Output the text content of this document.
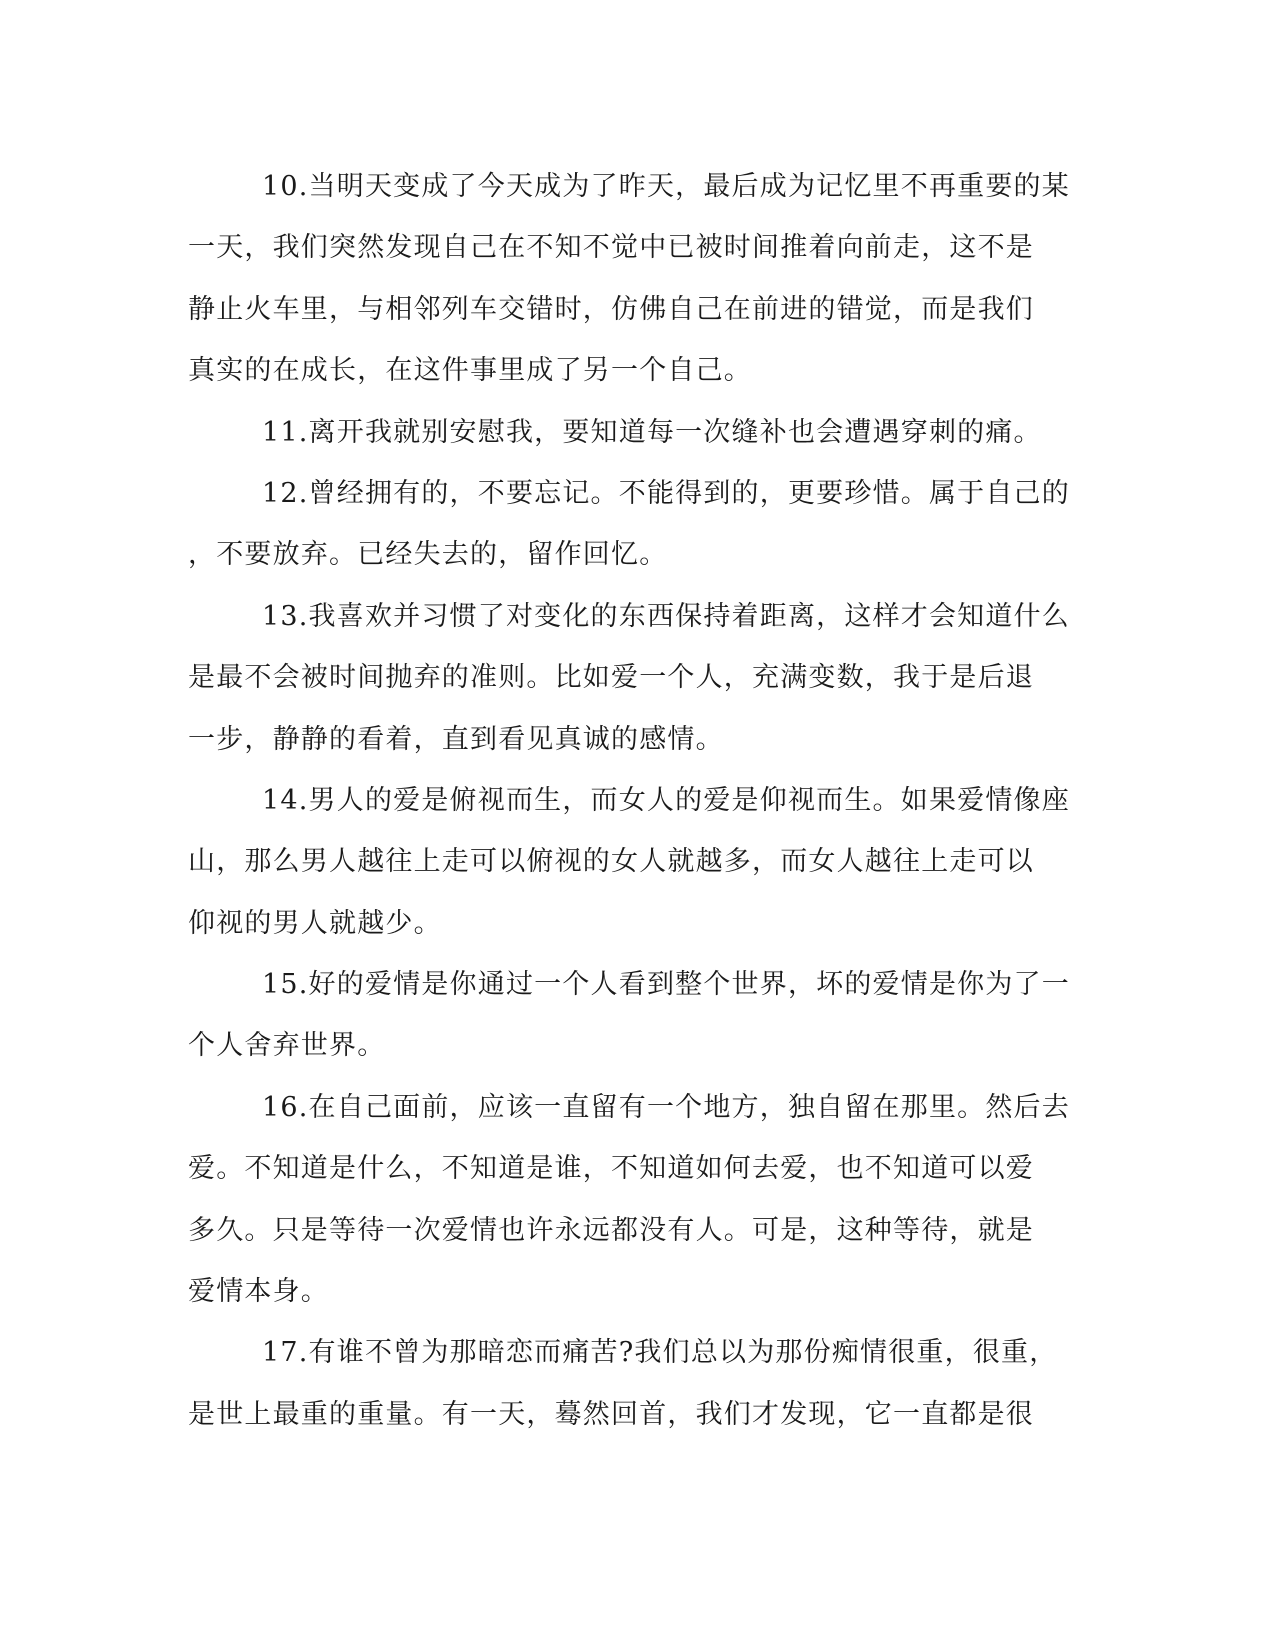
10.当明天变成了今天成为了昨天，最后成为记忆里不再重要的某
一天，我们突然发现自己在不知不觉中已被时间推着向前走，这不是
静止火车里，与相邻列车交错时，仿佛自己在前进的错觉，而是我们
真实的在成长，在这件事里成了另一个自己。
11.离开我就别安慰我，要知道每一次缝补也会遭遇穿刺的痛。
12.曾经拥有的，不要忘记。不能得到的，更要珍惜。属于自己的
，不要放弃。已经失去的，留作回忆。
13.我喜欢并习惯了对变化的东西保持着距离，这样才会知道什么
是最不会被时间抛弃的准则。比如爱一个人，充满变数，我于是后退
一步，静静的看着，直到看见真诚的感情。
14.男人的爱是俯视而生，而女人的爱是仰视而生。如果爱情像座
山，那么男人越往上走可以俯视的女人就越多，而女人越往上走可以
仰视的男人就越少。
15.好的爱情是你通过一个人看到整个世界，坏的爱情是你为了一
个人舍弃世界。
16.在自己面前，应该一直留有一个地方，独自留在那里。然后去
爱。不知道是什么，不知道是谁，不知道如何去爱，也不知道可以爱
多久。只是等待一次爱情也许永远都没有人。可是，这种等待，就是
爱情本身。
17.有谁不曾为那暗恋而痛苦?我们总以为那份痴情很重，很重，
是世上最重的重量。有一天，蓦然回首，我们才发现，它一直都是很
